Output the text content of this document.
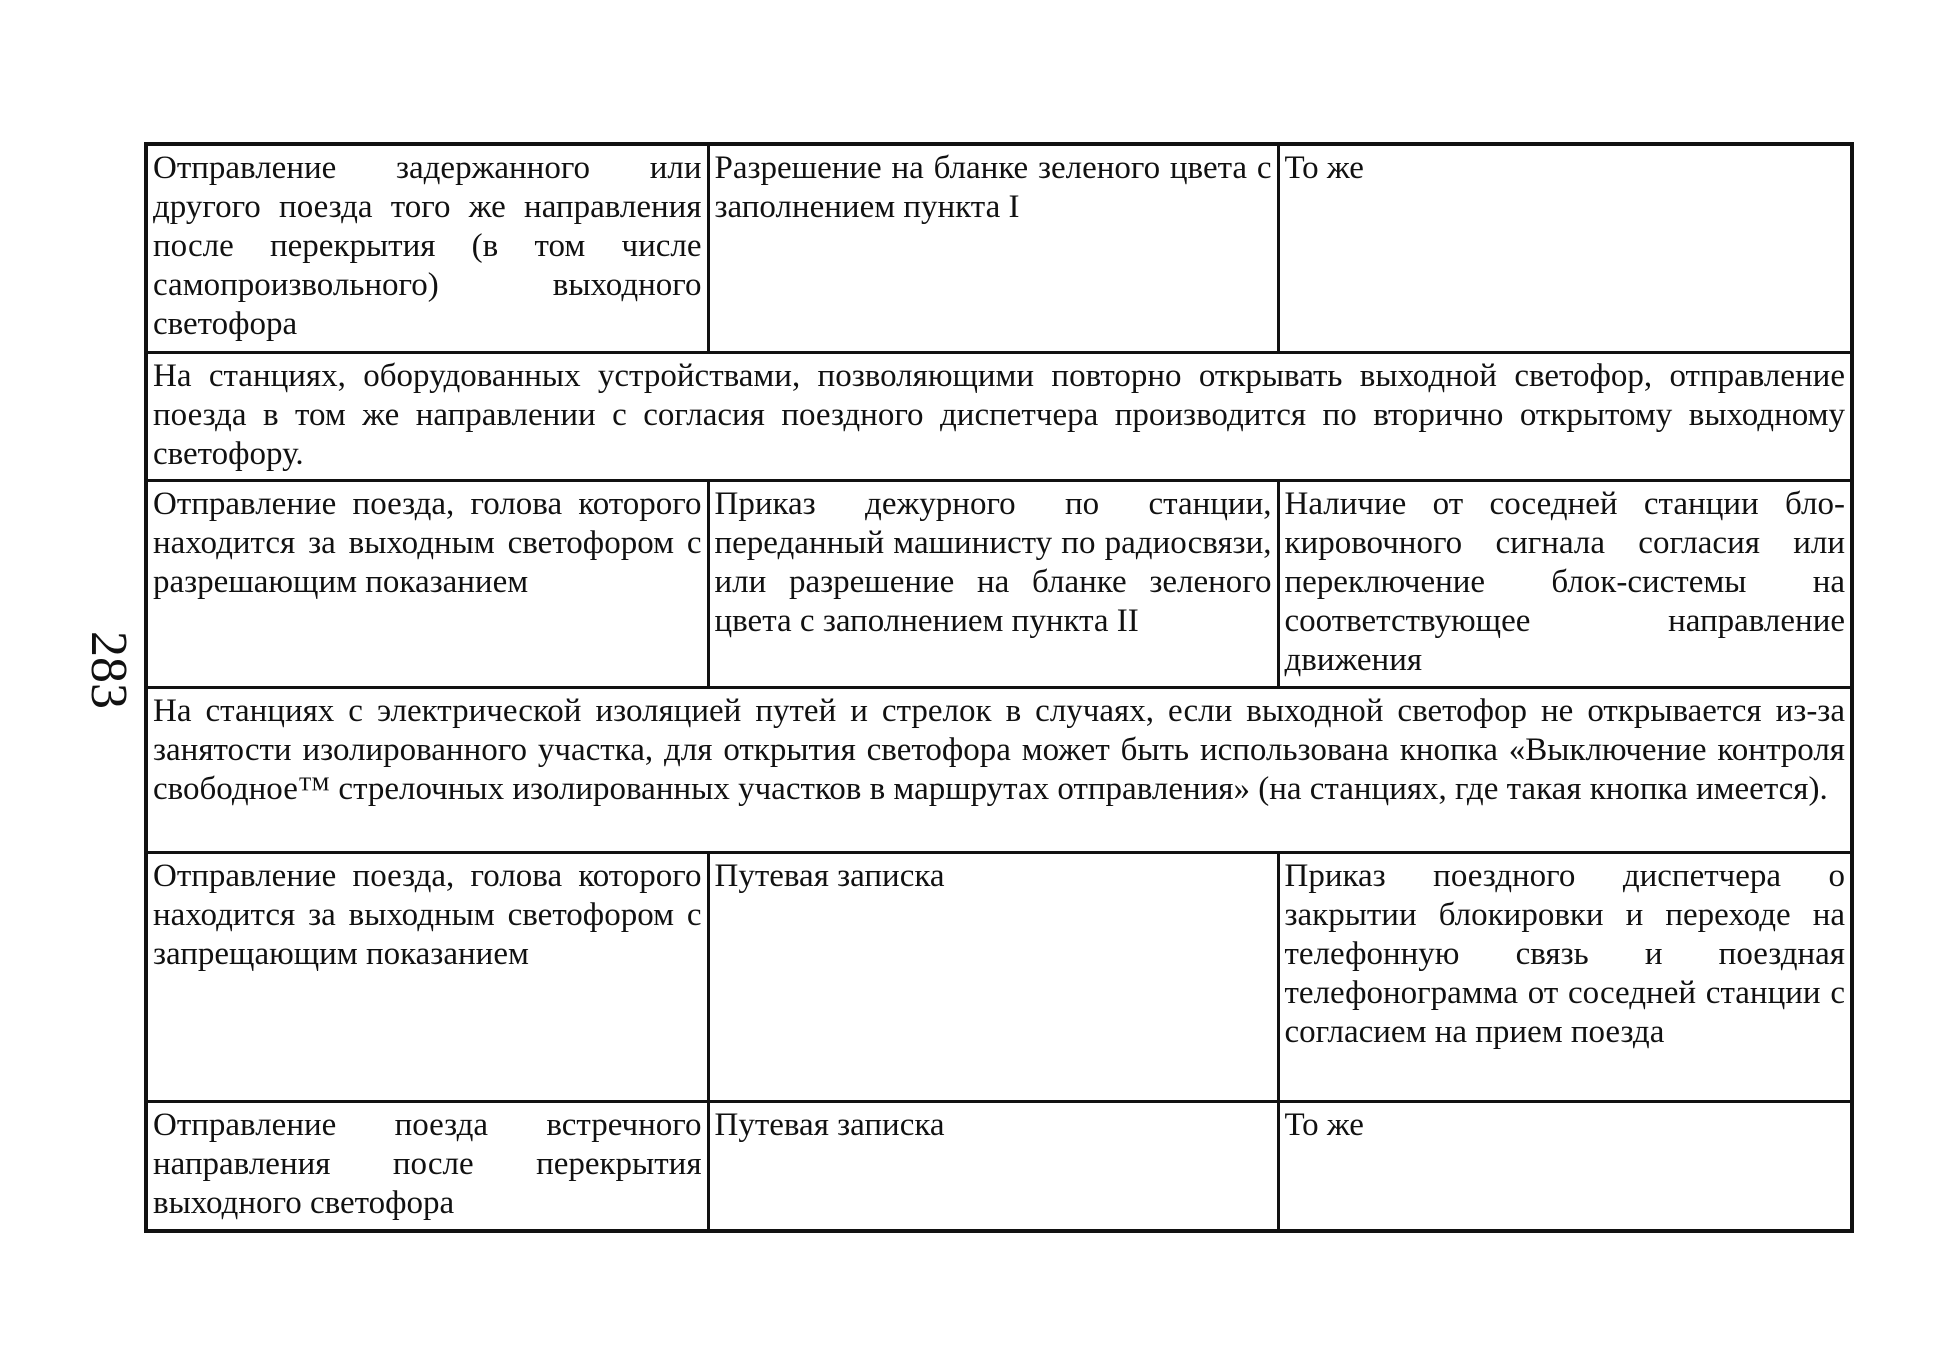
283
Отправление задержанного или другого поезда того же направления после перекрытия (в том числе самопроизвольного) выходного светофора	Разрешение на бланке зеленого цвета с заполнением пункта I	То же
На станциях, оборудованных устройствами, позволяющими повторно открывать выходной светофор, отправление поезда в том же направлении с согласия поездного диспетчера производится по вторично открытому выходному светофору.		
Отправление поезда, голова которого находится за выходным светофором с разрешающим показанием	Приказ дежурного по станции, переданный машинисту по радиосвязи, или разрешение на бланке зеленого цвета с заполнением пункта II	Наличие от соседней станции блокировочного сигнала согласия или переключение блок-системы на соответствующее направление движения
На станциях с электрической изоляцией путей и стрелок в случаях, если выходной светофор не открывается из-за занятости изолированного участка, для открытия светофора может быть использована кнопка «Выключение контроля свободное™ стрелочных изолированных участков в маршрутах отправления» (на станциях, где такая кнопка имеется).		
Отправление поезда, голова которого находится за выходным светофором с запрещающим показанием	Путевая записка	Приказ поездного диспетчера о закрытии блокировки и переходе на телефонную связь и поездная телефонограмма от соседней станции с согласием на прием поезда
Отправление поезда встречного направления после перекрытия выходного светофора	Путевая записка	То же
